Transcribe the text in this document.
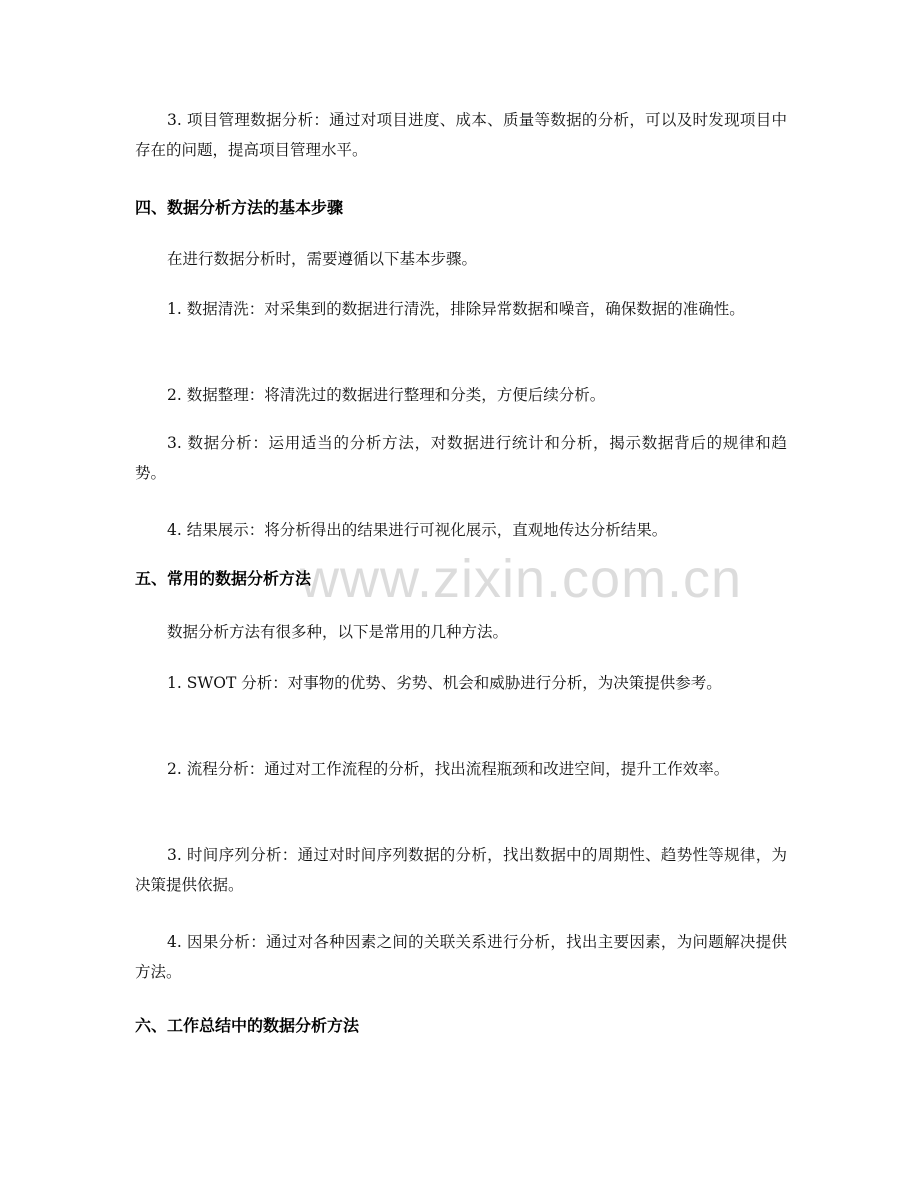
www.zixin.com.cn

3. 项目管理数据分析：通过对项目进度、成本、质量等数据的分析，可以及时发现项目中存在的问题，提高项目管理水平。

四、数据分析方法的基本步骤

在进行数据分析时，需要遵循以下基本步骤。

1. 数据清洗：对采集到的数据进行清洗，排除异常数据和噪音，确保数据的准确性。

2. 数据整理：将清洗过的数据进行整理和分类，方便后续分析。

3. 数据分析：运用适当的分析方法，对数据进行统计和分析，揭示数据背后的规律和趋势。

4. 结果展示：将分析得出的结果进行可视化展示，直观地传达分析结果。

五、常用的数据分析方法

数据分析方法有很多种，以下是常用的几种方法。

1. SWOT 分析：对事物的优势、劣势、机会和威胁进行分析，为决策提供参考。

2. 流程分析：通过对工作流程的分析，找出流程瓶颈和改进空间，提升工作效率。

3. 时间序列分析：通过对时间序列数据的分析，找出数据中的周期性、趋势性等规律，为决策提供依据。

4. 因果分析：通过对各种因素之间的关联关系进行分析，找出主要因素，为问题解决提供方法。

六、工作总结中的数据分析方法
